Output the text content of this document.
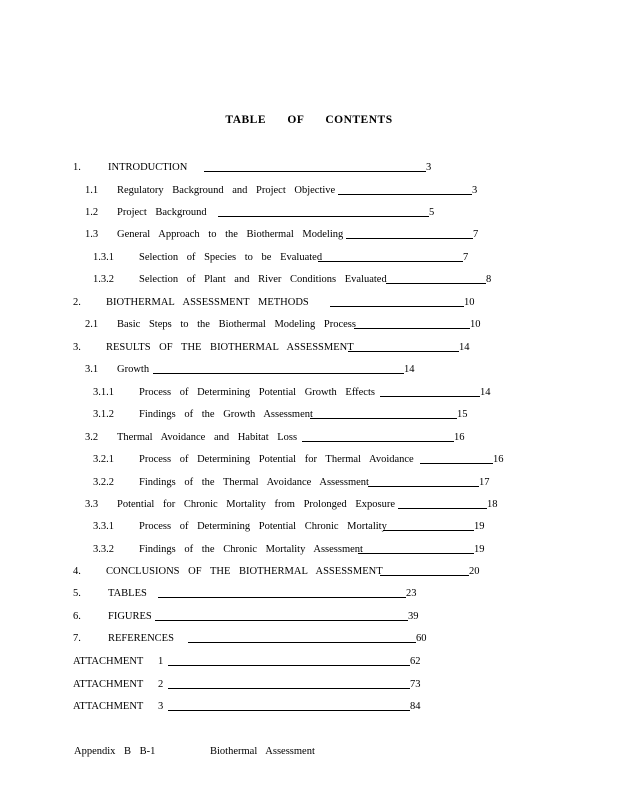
TABLE OF CONTENTS
1.	INTRODUCTION	3
1.1 Regulatory Background and Project Objective	3
1.2 Project Background	5
1.3 General Approach to the Biothermal Modeling	7
1.3.1 Selection of Species to be Evaluated	7
1.3.2 Selection of Plant and River Conditions Evaluated	8
2. BIOTHERMAL ASSESSMENT METHODS	10
2.1 Basic Steps to the Biothermal Modeling Process	10
3. RESULTS OF THE BIOTHERMAL ASSESSMENT	14
3.1 Growth	14
3.1.1 Process of Determining Potential Growth Effects	14
3.1.2 Findings of the Growth Assessment	15
3.2 Thermal Avoidance and Habitat Loss	16
3.2.1 Process of Determining Potential for Thermal Avoidance	16
3.2.2 Findings of the Thermal Avoidance Assessment	17
3.3 Potential for Chronic Mortality from Prolonged Exposure	18
3.3.1 Process of Determining Potential Chronic Mortality	19
3.3.2 Findings of the Chronic Mortality Assessment	19
4. CONCLUSIONS OF THE BIOTHERMAL ASSESSMENT	20
5.	TABLES	23
6.	FIGURES	39
7.	REFERENCES	60
ATTACHMENT 1	62
ATTACHMENT 2	73
ATTACHMENT 3	84
Appendix B B-1	Biothermal Assessment
